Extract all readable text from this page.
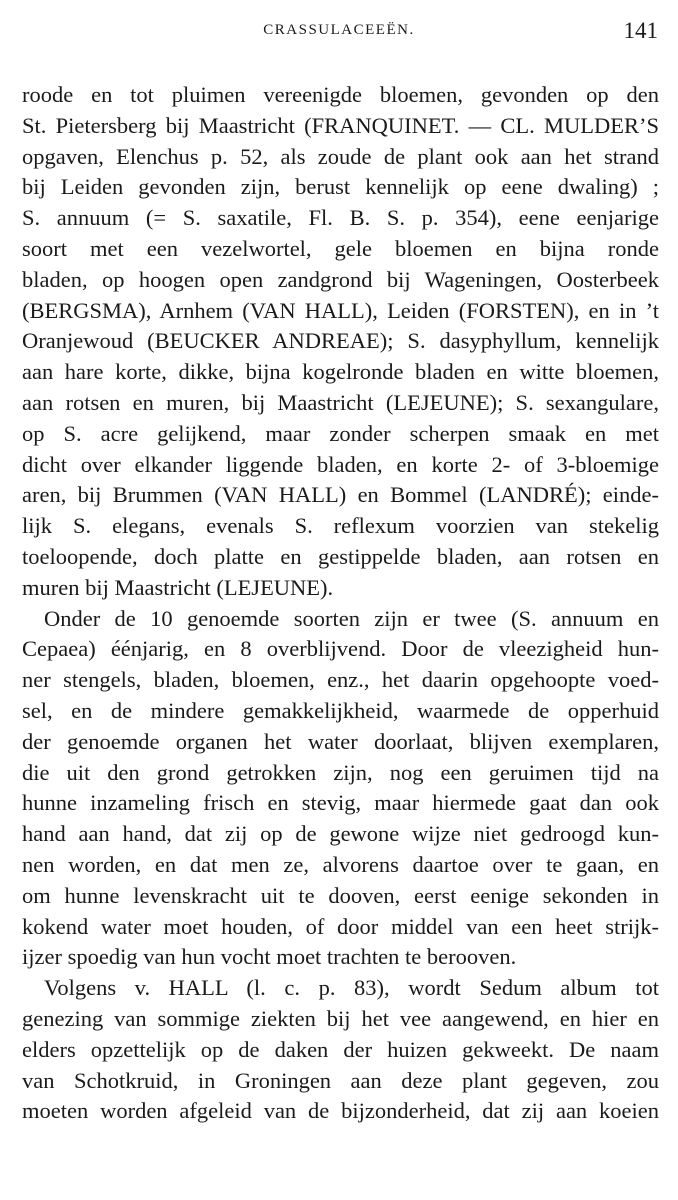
CRASSULACEEËN.	141
roode en tot pluimen vereenigde bloemen, gevonden op den
St. Pietersberg bij Maastricht (FRANQUINET. — CL. MULDER’S
opgaven, Elenchus p. 52, als zoude de plant ook aan het strand
bij Leiden gevonden zijn, berust kennelijk op eene dwaling) ;
S. annuum (= S. saxatile, Fl. B. S. p. 354), eene eenjarige
soort met een vezelwortel, gele bloemen en bijna ronde
bladen, op hoogen open zandgrond bij Wageningen, Oosterbeek
(BERGSMA), Arnhem (VAN HALL), Leiden (FORSTEN), en in ’t
Oranjewoud (BEUCKER ANDREAE); S. dasyphyllum, kennelijk
aan hare korte, dikke, bijna kogelronde bladen en witte bloemen,
aan rotsen en muren, bij Maastricht (LEJEUNE); S. sexangulare,
op S. acre gelijkend, maar zonder scherpen smaak en met
dicht over elkander liggende bladen, en korte 2- of 3-bloemige
aren, bij Brummen (VAN HALL) en Bommel (LANDRÉ); einde-
lijk S. elegans, evenals S. reflexum voorzien van stekelig
toeloopende, doch platte en gestippelde bladen, aan rotsen en
muren bij Maastricht (LEJEUNE).
Onder de 10 genoemde soorten zijn er twee (S. annuum en
Cepaea) éénjarig, en 8 overblijvend. Door de vleezigheid hun-
ner stengels, bladen, bloemen, enz., het daarin opgehoopte voed-
sel, en de mindere gemakkelijkheid, waarmede de opperhuid
der genoemde organen het water doorlaat, blijven exemplaren,
die uit den grond getrokken zijn, nog een geruimen tijd na
hunne inzameling frisch en stevig, maar hiermede gaat dan ook
hand aan hand, dat zij op de gewone wijze niet gedroogd kun-
nen worden, en dat men ze, alvorens daartoe over te gaan, en
om hunne levenskracht uit te dooven, eerst eenige sekonden in
kokend water moet houden, of door middel van een heet strijk-
ijzer spoedig van hun vocht moet trachten te berooven.
Volgens v. HALL (l. c. p. 83), wordt Sedum album tot
genezing van sommige ziekten bij het vee aangewend, en hier en
elders opzettelijk op de daken der huizen gekweekt. De naam
van Schotkruid, in Groningen aan deze plant gegeven, zou
moeten worden afgeleid van de bijzonderheid, dat zij aan koeien
